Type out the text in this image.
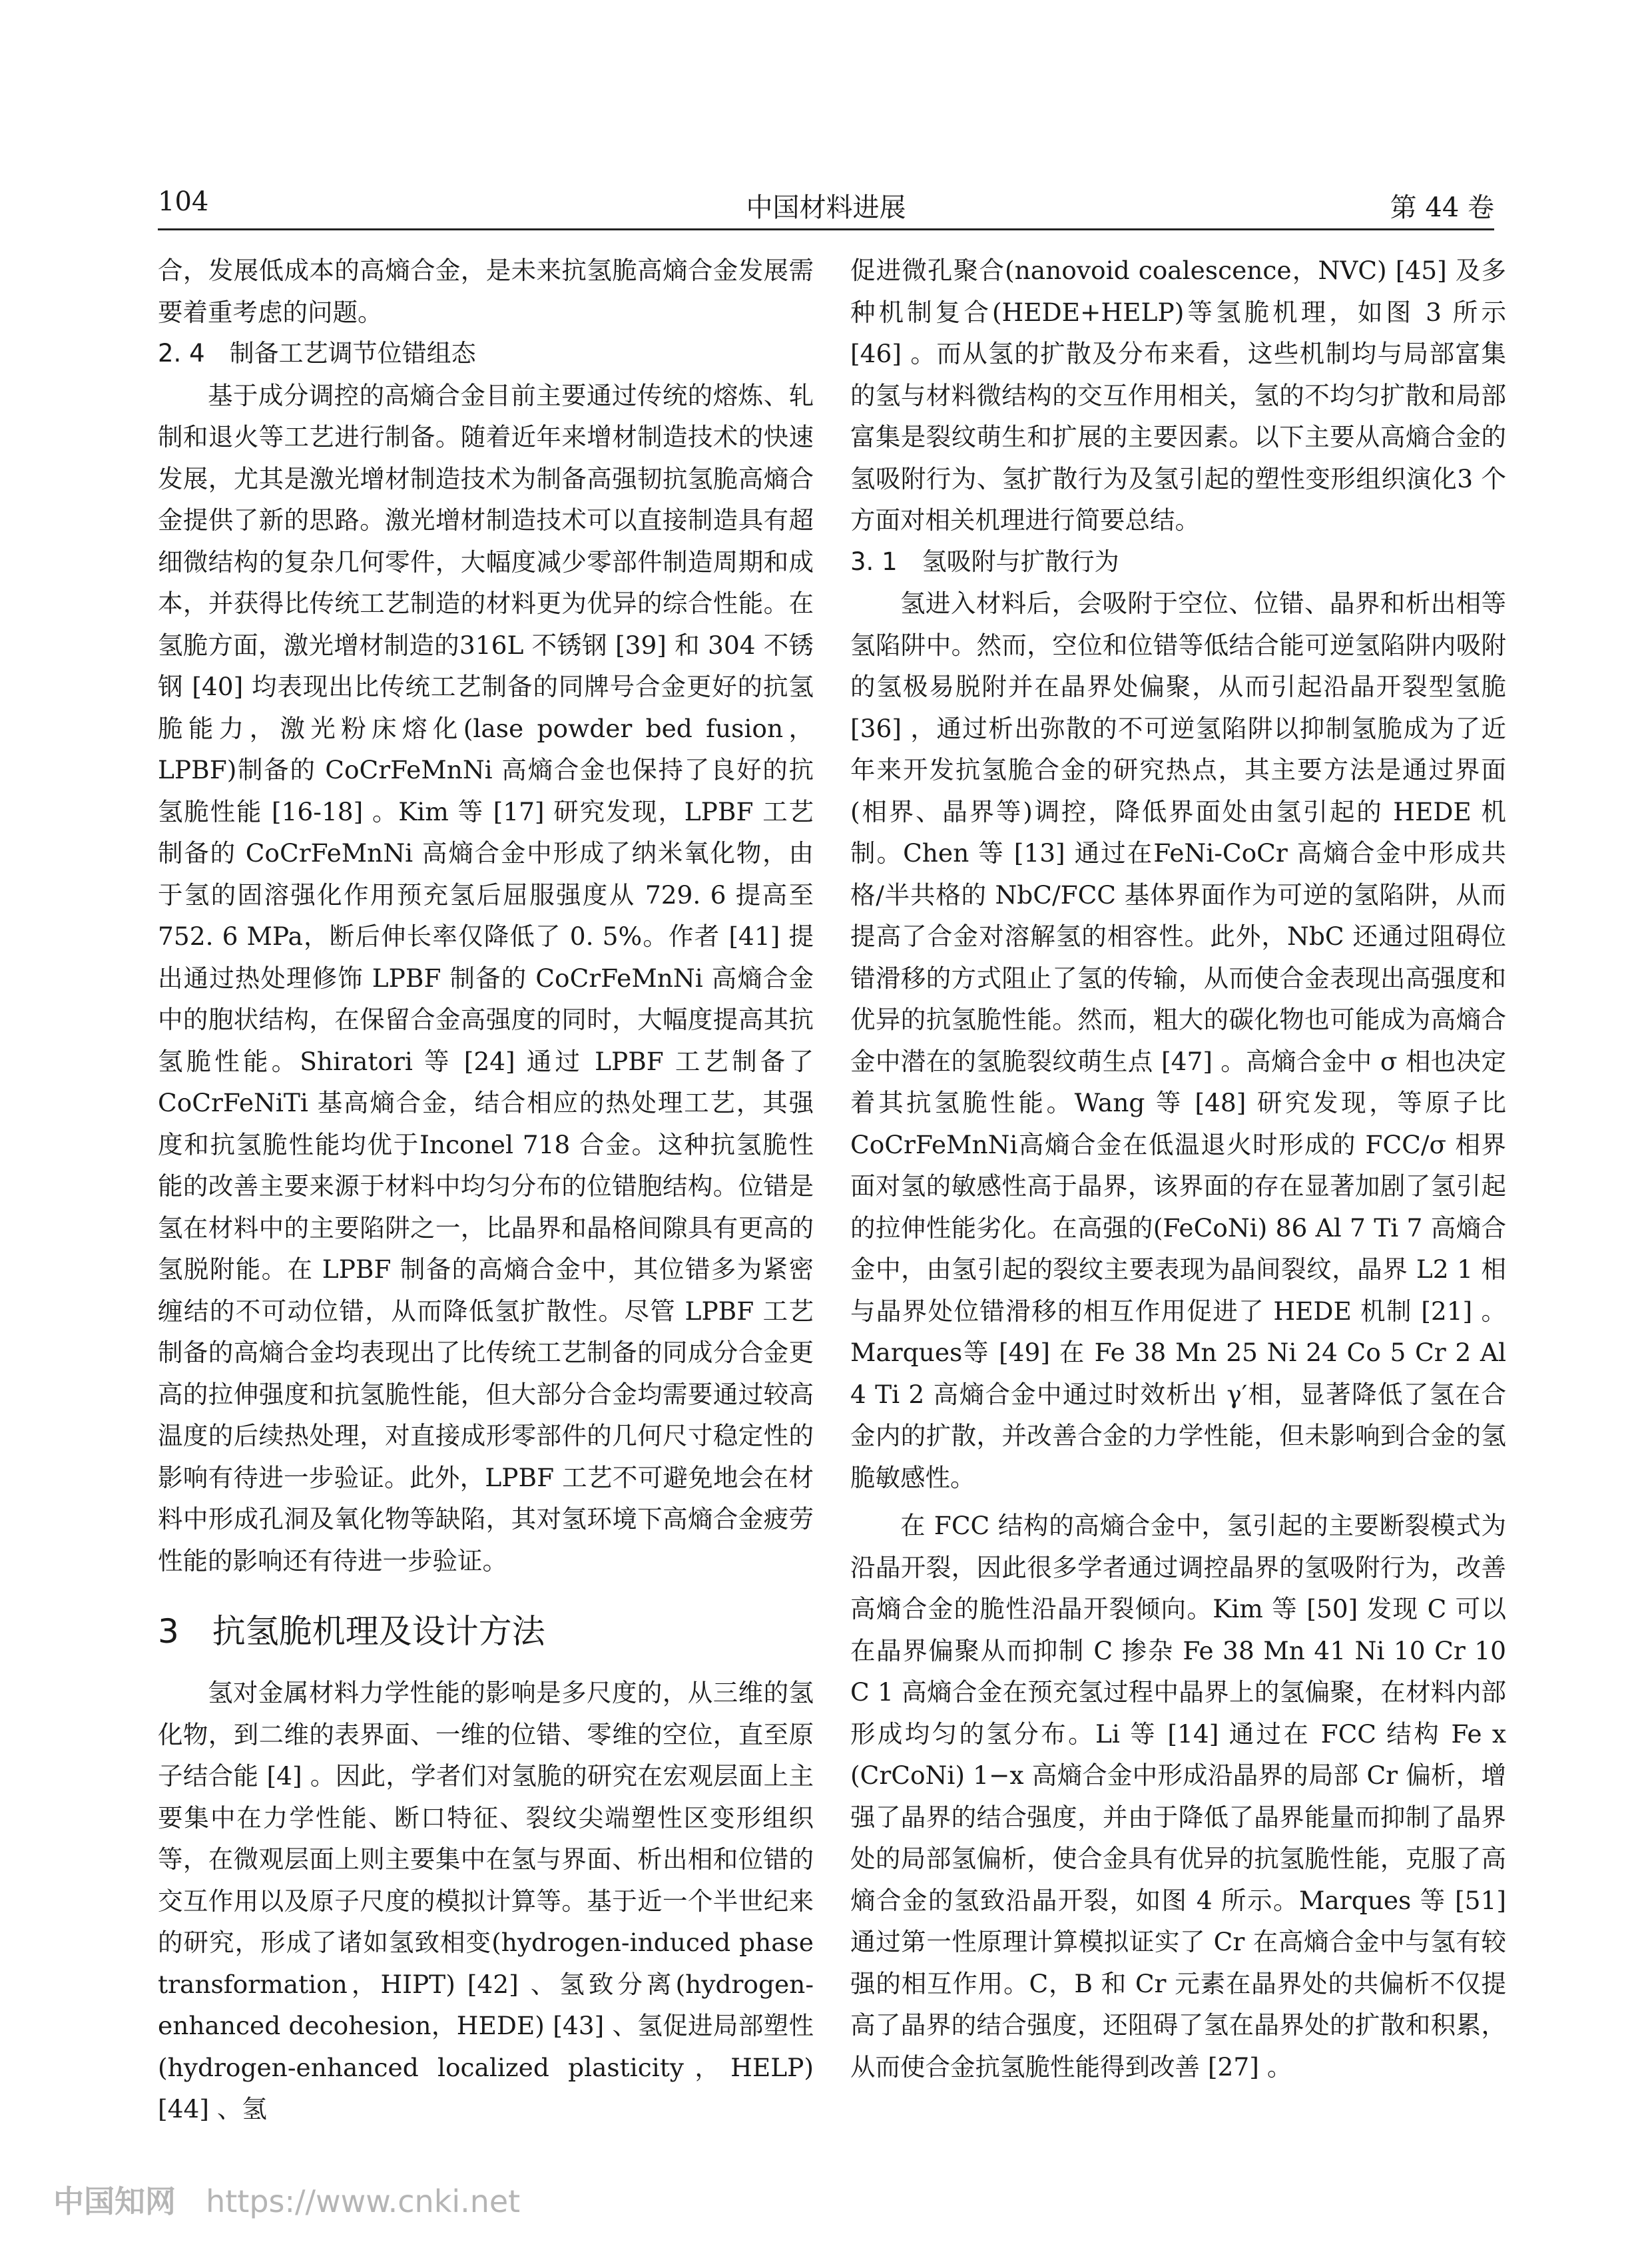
104	中国材料进展	第 44 卷

合，发展低成本的高熵合金，是未来抗氢脆高熵合金发展需要着重考虑的问题。

2. 4　制备工艺调节位错组态

基于成分调控的高熵合金目前主要通过传统的熔炼、轧制和退火等工艺进行制备。随着近年来增材制造技术的快速发展，尤其是激光增材制造技术为制备高强韧抗氢脆高熵合金提供了新的思路。激光增材制造技术可以直接制造具有超细微结构的复杂几何零件，大幅度减少零部件制造周期和成本，并获得比传统工艺制造的材料更为优异的综合性能。在氢脆方面，激光增材制造的316L 不锈钢 [39] 和 304 不锈钢 [40] 均表现出比传统工艺制备的同牌号合金更好的抗氢脆能力，激光粉床熔化(lase powder bed fusion，LPBF)制备的 CoCrFeMnNi 高熵合金也保持了良好的抗氢脆性能 [16-18] 。Kim 等 [17] 研究发现，LPBF 工艺制备的 CoCrFeMnNi 高熵合金中形成了纳米氧化物，由于氢的固溶强化作用预充氢后屈服强度从 729. 6 提高至 752. 6 MPa，断后伸长率仅降低了 0. 5%。作者 [41] 提出通过热处理修饰 LPBF 制备的 CoCrFeMnNi 高熵合金中的胞状结构，在保留合金高强度的同时，大幅度提高其抗氢脆性能。Shiratori 等 [24] 通过 LPBF 工艺制备了 CoCrFeNiTi 基高熵合金，结合相应的热处理工艺，其强度和抗氢脆性能均优于Inconel 718 合金。这种抗氢脆性能的改善主要来源于材料中均匀分布的位错胞结构。位错是氢在材料中的主要陷阱之一，比晶界和晶格间隙具有更高的氢脱附能。在 LPBF 制备的高熵合金中，其位错多为紧密缠结的不可动位错，从而降低氢扩散性。尽管 LPBF 工艺制备的高熵合金均表现出了比传统工艺制备的同成分合金更高的拉伸强度和抗氢脆性能，但大部分合金均需要通过较高温度的后续热处理，对直接成形零部件的几何尺寸稳定性的影响有待进一步验证。此外，LPBF 工艺不可避免地会在材料中形成孔洞及氧化物等缺陷，其对氢环境下高熵合金疲劳性能的影响还有待进一步验证。

3　抗氢脆机理及设计方法

氢对金属材料力学性能的影响是多尺度的，从三维的氢化物，到二维的表界面、一维的位错、零维的空位，直至原子结合能 [4] 。因此，学者们对氢脆的研究在宏观层面上主要集中在力学性能、断口特征、裂纹尖端塑性区变形组织等，在微观层面上则主要集中在氢与界面、析出相和位错的交互作用以及原子尺度的模拟计算等。基于近一个半世纪来的研究，形成了诸如氢致相变(hydrogen-induced phase transformation，HIPT) [42] 、氢致分离(hydrogen-enhanced decohesion，HEDE) [43] 、氢促进局部塑性(hydrogen-enhanced localized plasticity，HELP) [44] 、氢

促进微孔聚合(nanovoid coalescence，NVC) [45] 及多种机制复合(HEDE+HELP)等氢脆机理，如图 3 所示 [46] 。而从氢的扩散及分布来看，这些机制均与局部富集的氢与材料微结构的交互作用相关，氢的不均匀扩散和局部富集是裂纹萌生和扩展的主要因素。以下主要从高熵合金的氢吸附行为、氢扩散行为及氢引起的塑性变形组织演化3 个方面对相关机理进行简要总结。

3. 1　氢吸附与扩散行为

氢进入材料后，会吸附于空位、位错、晶界和析出相等氢陷阱中。然而，空位和位错等低结合能可逆氢陷阱内吸附的氢极易脱附并在晶界处偏聚，从而引起沿晶开裂型氢脆 [36] ，通过析出弥散的不可逆氢陷阱以抑制氢脆成为了近年来开发抗氢脆合金的研究热点，其主要方法是通过界面(相界、晶界等)调控，降低界面处由氢引起的 HEDE 机制。Chen 等 [13] 通过在FeNi-CoCr 高熵合金中形成共格/半共格的 NbC/FCC 基体界面作为可逆的氢陷阱，从而提高了合金对溶解氢的相容性。此外，NbC 还通过阻碍位错滑移的方式阻止了氢的传输，从而使合金表现出高强度和优异的抗氢脆性能。然而，粗大的碳化物也可能成为高熵合金中潜在的氢脆裂纹萌生点 [47] 。高熵合金中 σ 相也决定着其抗氢脆性能。Wang 等 [48] 研究发现，等原子比 CoCrFeMnNi高熵合金在低温退火时形成的 FCC/σ 相界面对氢的敏感性高于晶界，该界面的存在显著加剧了氢引起的拉伸性能劣化。在高强的(FeCoNi) 86 Al 7 Ti 7 高熵合金中，由氢引起的裂纹主要表现为晶间裂纹，晶界 L2 1 相与晶界处位错滑移的相互作用促进了 HEDE 机制 [21] 。Marques等 [49] 在 Fe 38 Mn 25 Ni 24 Co 5 Cr 2 Al 4 Ti 2 高熵合金中通过时效析出 γ′相，显著降低了氢在合金内的扩散，并改善合金的力学性能，但未影响到合金的氢脆敏感性。

在 FCC 结构的高熵合金中，氢引起的主要断裂模式为沿晶开裂，因此很多学者通过调控晶界的氢吸附行为，改善高熵合金的脆性沿晶开裂倾向。Kim 等 [50] 发现 C 可以在晶界偏聚从而抑制 C 掺杂 Fe 38 Mn 41 Ni 10 Cr 10 C 1 高熵合金在预充氢过程中晶界上的氢偏聚，在材料内部形成均匀的氢分布。Li 等 [14] 通过在 FCC 结构 Fe x (CrCoNi) 1−x 高熵合金中形成沿晶界的局部 Cr 偏析，增强了晶界的结合强度，并由于降低了晶界能量而抑制了晶界处的局部氢偏析，使合金具有优异的抗氢脆性能，克服了高熵合金的氢致沿晶开裂，如图 4 所示。Marques 等 [51] 通过第一性原理计算模拟证实了 Cr 在高熵合金中与氢有较强的相互作用。C，B 和 Cr 元素在晶界处的共偏析不仅提高了晶界的结合强度，还阻碍了氢在晶界处的扩散和积累，从而使合金抗氢脆性能得到改善 [27] 。

中国知网 https://www.cnki.net
